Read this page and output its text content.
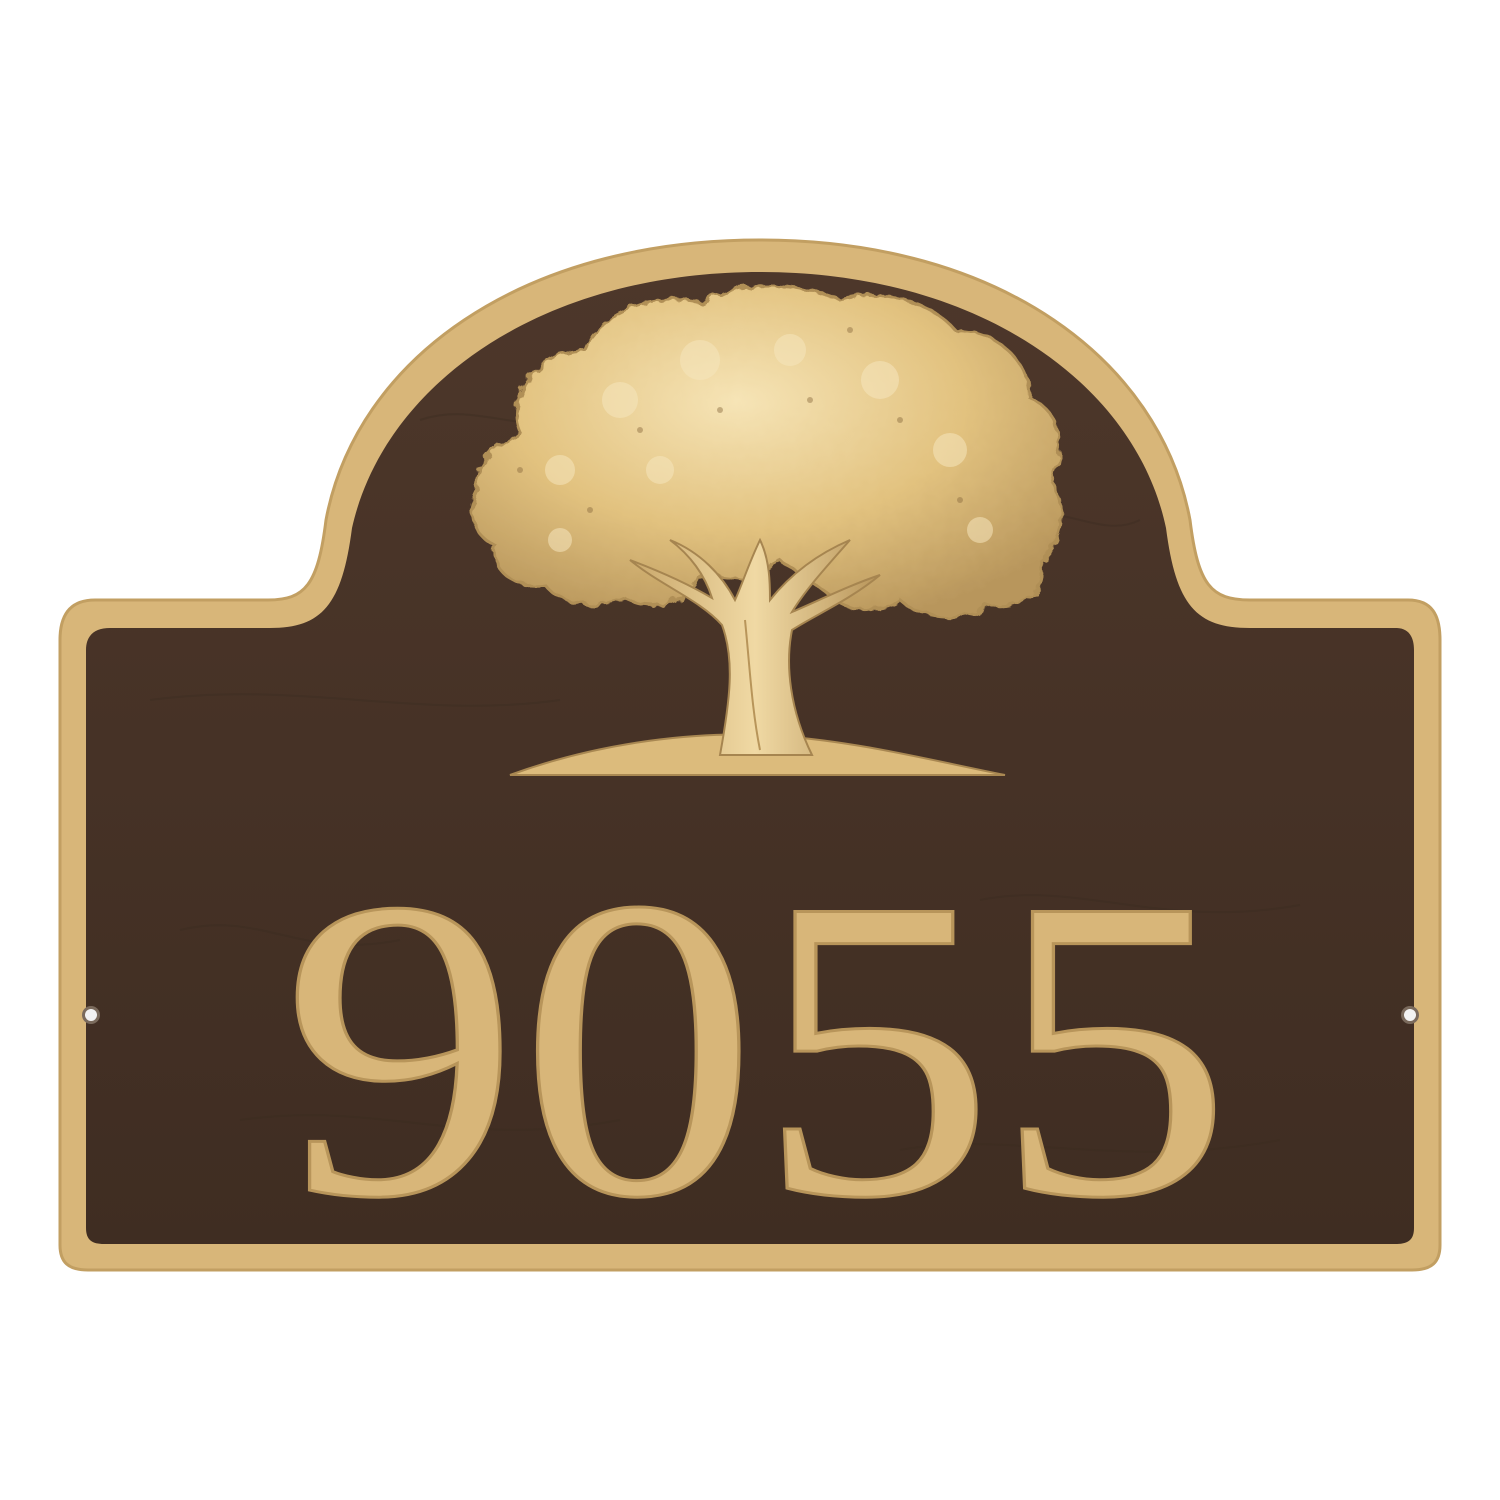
9055
